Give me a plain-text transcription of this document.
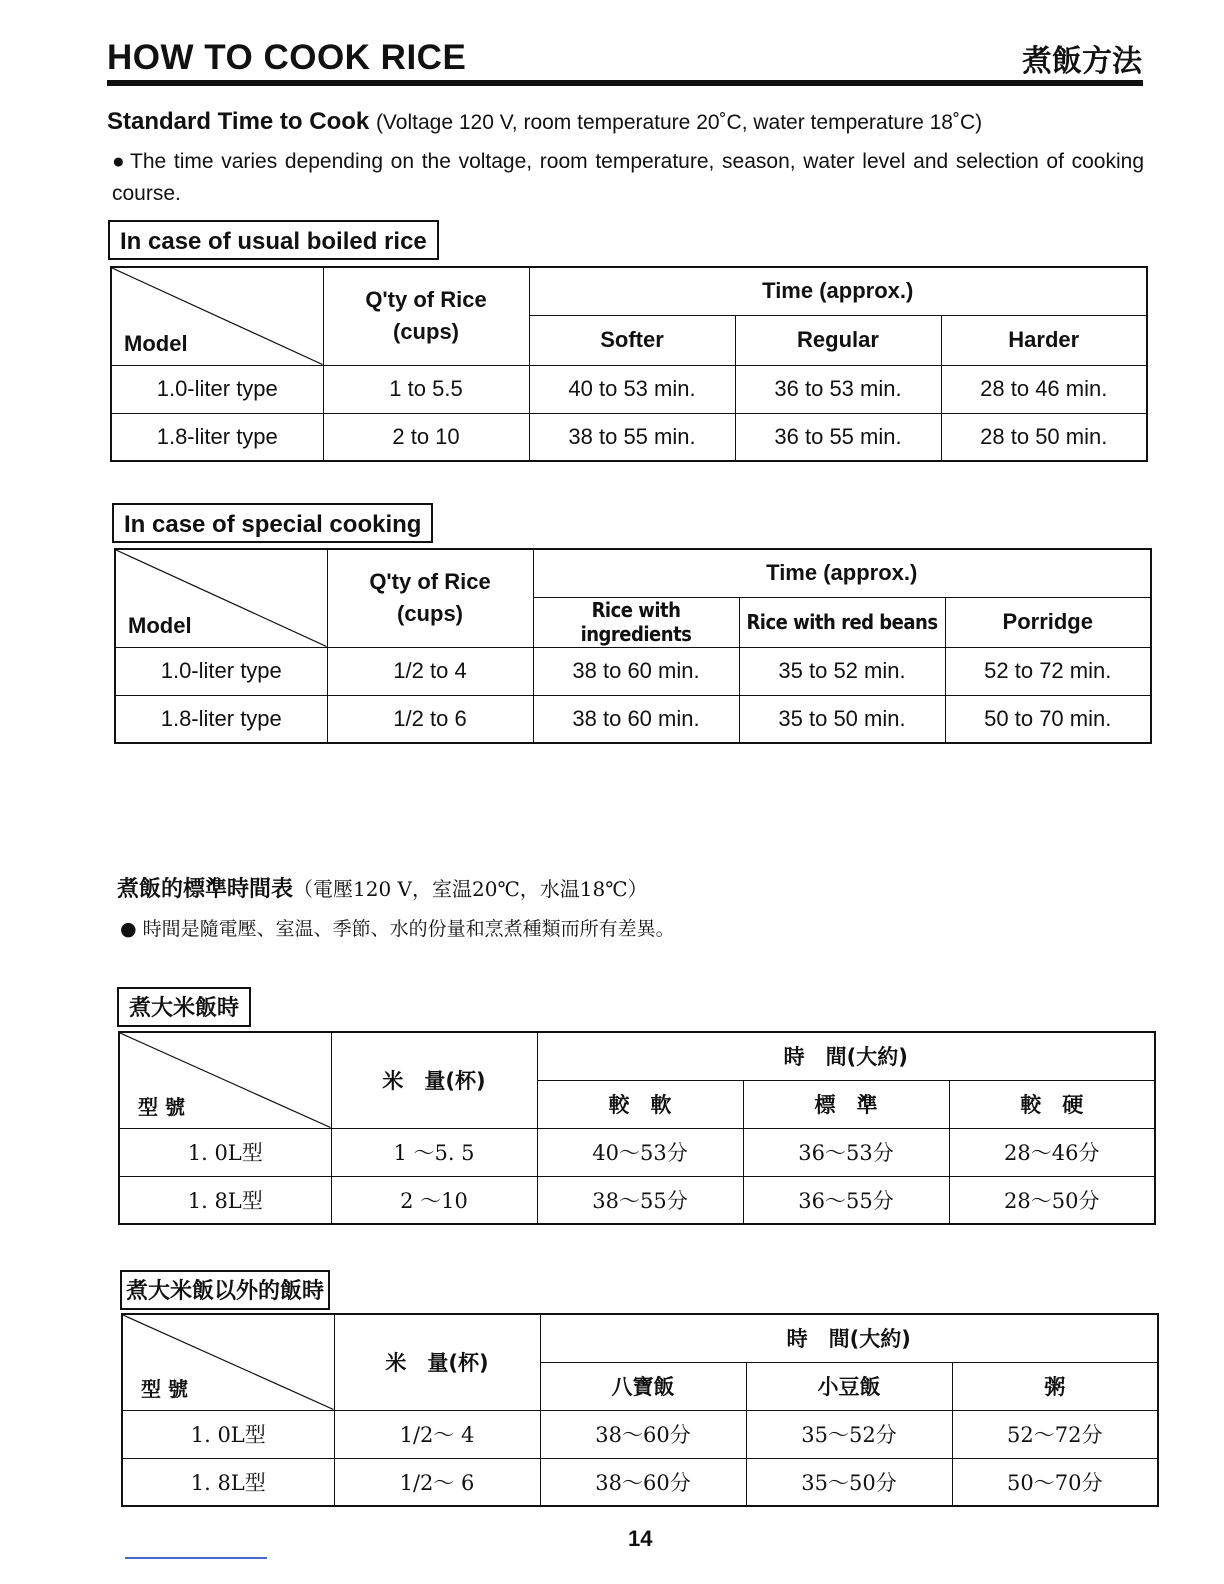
HOW TO COOK RICE	煮飯方法
Standard Time to Cook (Voltage 120 V, room temperature 20˚C, water temperature 18˚C)
● The time varies depending on the voltage, room temperature, season, water level and selection of cooking course.
In case of usual boiled rice
Model	Q'ty of Rice (cups)	Time (approx.)		
		Softer	Regular	Harder
1.0-liter type	1 to 5.5	40 to 53 min.	36 to 53 min.	28 to 46 min.
1.8-liter type	2 to 10	38 to 55 min.	36 to 55 min.	28 to 50 min.
In case of special cooking
Model	Q'ty of Rice (cups)	Time (approx.)		
		Rice with ingredients	Rice with red beans	Porridge
1.0-liter type	1/2 to 4	38 to 60 min.	35 to 52 min.	52 to 72 min.
1.8-liter type	1/2 to 6	38 to 60 min.	35 to 50 min.	50 to 70 min.
煮飯的標準時間表（電壓120 V，室温20℃，水温18℃）
● 時間是隨電壓、室温、季節、水的份量和烹煮種類而所有差異。
煮大米飯時
型 號	米　量(杯)	時　間(大約)		
		較　軟	標　準	較　硬
1. 0L型	1 ～5. 5	40～53分	36～53分	28～46分
1. 8L型	2 ～10	38～55分	36～55分	28～50分
煮大米飯以外的飯時
型 號	米　量(杯)	時　間(大約)		
		八寶飯	小豆飯	粥
1. 0L型	1/2～ 4	38～60分	35～52分	52～72分
1. 8L型	1/2～ 6	38～60分	35～50分	50～70分
14
